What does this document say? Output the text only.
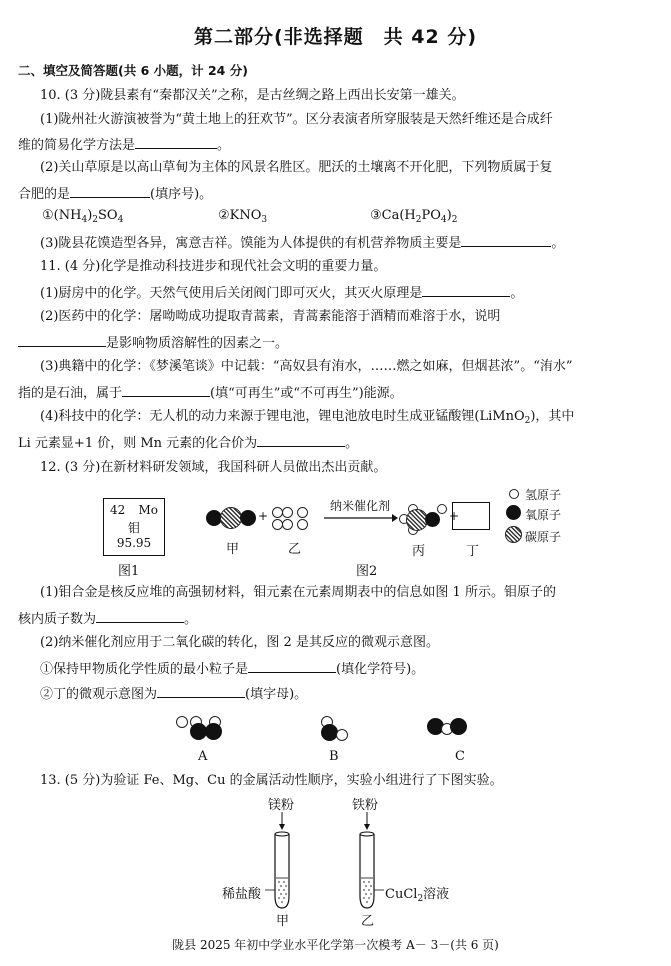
第二部分(非选择题　共 42 分)
二、填空及简答题(共 6 小题，计 24 分)
10. (3 分)陇县素有“秦都汉关”之称，是古丝绸之路上西出长安第一雄关。
(1)陇州社火游演被誉为“黄土地上的狂欢节”。区分表演者所穿服装是天然纤维还是合成纤
维的简易化学方法是	。
(2)关山草原是以高山草甸为主体的风景名胜区。肥沃的土壤离不开化肥，下列物质属于复
合肥的是	(填序号)。
$①(NH_4)_2SO_4$	$②KNO_3$	$③Ca(H_2PO_4)_2$
(3)陇县花馍造型各异，寓意吉祥。馍能为人体提供的有机营养物质主要是	。
11. (4 分)化学是推动科技进步和现代社会文明的重要力量。
(1)厨房中的化学。天然气使用后关闭阀门即可灭火，其灭火原理是	。
(2)医药中的化学：屠呦呦成功提取青蒿素，青蒿素能溶于酒精而难溶于水，说明
是影响物质溶解性的因素之一。
(3)典籍中的化学：《梦溪笔谈》中记载：“高奴县有洧水，……燃之如麻，但烟甚浓”。“洧水”
指的是石油，属于	(填“可再生”或“不可再生”)能源。
(4)科技中的化学：无人机的动力来源于锂电池，锂电池放电时生成亚锰酸锂(LiMnO$_2$)，其中
Li 元素显+1 价，则 Mn 元素的化合价为	。
12. (3 分)在新材料研发领域，我国科研人员做出杰出贡献。
42 Mo
钼
95.95
图1
+
甲	乙
纳米催化剂
+
丙	丁
氢原子
氧原子
碳原子
图2
(1)钼合金是核反应堆的高强韧材料，钼元素在元素周期表中的信息如图 1 所示。钼原子的
核内质子数为	。
(2)纳米催化剂应用于二氧化碳的转化，图 2 是其反应的微观示意图。
①保持甲物质化学性质的最小粒子是	(填化学符号)。
②丁的微观示意图为	(填字母)。
A	B	C
13. (5 分)为验证 Fe、Mg、Cu 的金属活动性顺序，实验小组进行了下图实验。
镁粉	铁粉
稀盐酸	CuCl$_2$溶液
甲	乙
陇县 2025 年初中学业水平化学第一次模考 A－ 3－(共 6 页)
